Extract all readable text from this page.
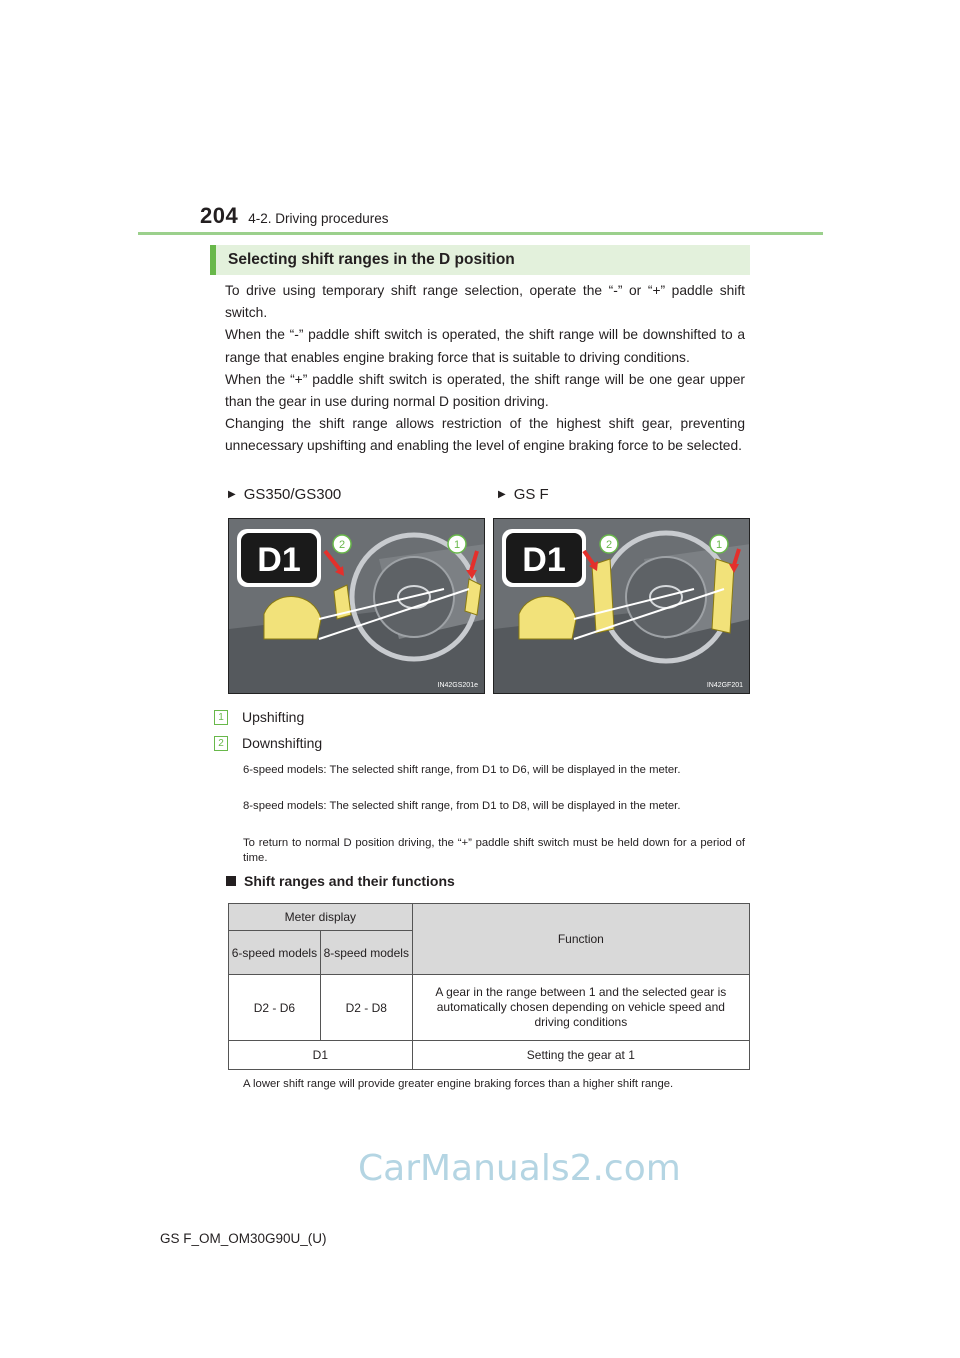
204 4-2. Driving procedures
Selecting shift ranges in the D position

To drive using temporary shift range selection, operate the “-” or “+” paddle shift switch.

When the “-” paddle shift switch is operated, the shift range will be downshifted to a range that enables engine braking force that is suitable to driving conditions.

When the “+” paddle shift switch is operated, the shift range will be one gear upper than the gear in use during normal D position driving.

Changing the shift range allows restriction of the highest shift gear, preventing unnecessary upshifting and enabling the level of engine braking force to be selected.

▶ GS350/GS300	▶ GS F
D1	2	1
IN42GS201e
D1	2	1
IN42GF201
1	Upshifting
2	Downshifting

6-speed models: The selected shift range, from D1 to D6, will be displayed in the meter.

8-speed models: The selected shift range, from D1 to D8, will be displayed in the meter.

To return to normal D position driving, the “+” paddle shift switch must be held down for a period of time.

Shift ranges and their functions
Meter display		Function
6-speed models	8-speed models	
D2 - D6	D2 - D8	A gear in the range between 1 and the selected gear is automatically chosen depending on vehicle speed and driving conditions
D1		Setting the gear at 1

A lower shift range will provide greater engine braking forces than a higher shift range.

CarManuals2.com
GS F_OM_OM30G90U_(U)
